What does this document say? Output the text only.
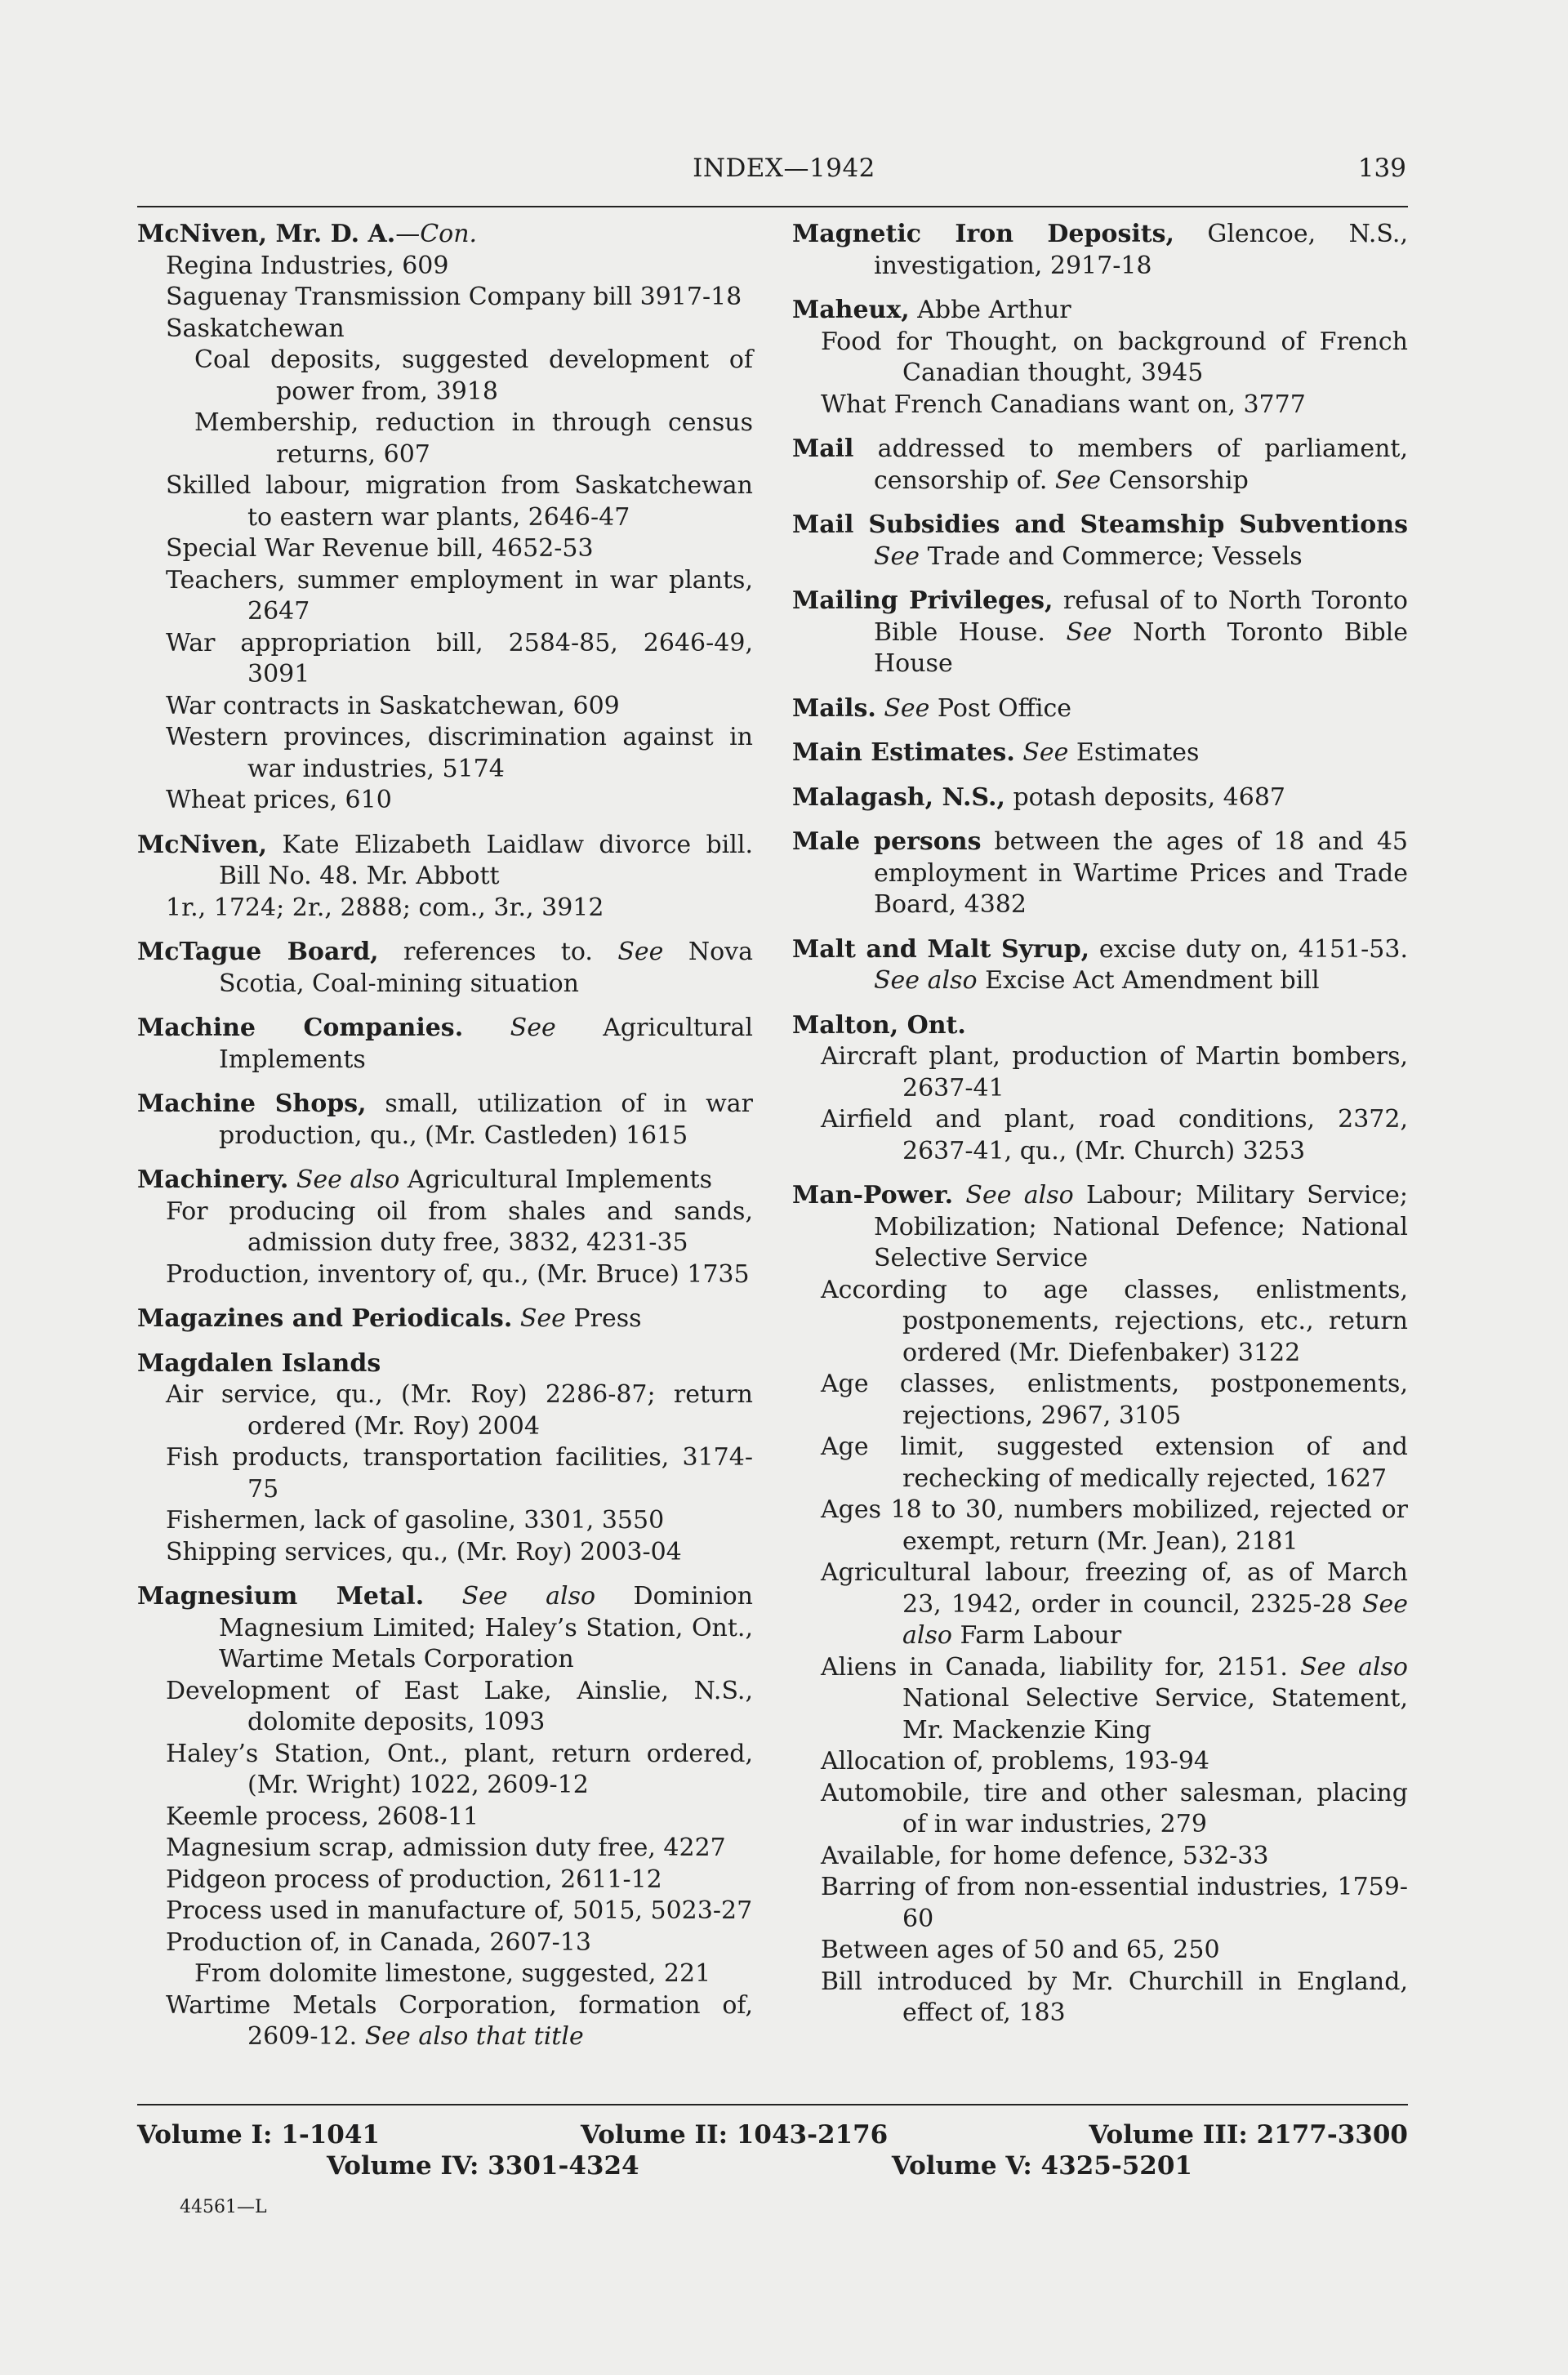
INDEX—1942	139
McNiven, Mr. D. A.—Con.
Regina Industries, 609
Saguenay Transmission Company bill 3917-18
Saskatchewan
Coal deposits, suggested development of power from, 3918
Membership, reduction in through census returns, 607
Skilled labour, migration from Saskatchewan to eastern war plants, 2646-47
Special War Revenue bill, 4652-53
Teachers, summer employment in war plants, 2647
War appropriation bill, 2584-85, 2646-49, 3091
War contracts in Saskatchewan, 609
Western provinces, discrimination against in war industries, 5174
Wheat prices, 610
McNiven, Kate Elizabeth Laidlaw divorce bill. Bill No. 48. Mr. Abbott
1r., 1724; 2r., 2888; com., 3r., 3912
McTague Board, references to. See Nova Scotia, Coal-mining situation
Machine Companies. See Agricultural Implements
Machine Shops, small, utilization of in war production, qu., (Mr. Castleden) 1615
Machinery. See also Agricultural Implements
For producing oil from shales and sands, admission duty free, 3832, 4231-35
Production, inventory of, qu., (Mr. Bruce) 1735
Magazines and Periodicals. See Press
Magdalen Islands
Air service, qu., (Mr. Roy) 2286-87; return ordered (Mr. Roy) 2004
Fish products, transportation facilities, 3174-75
Fishermen, lack of gasoline, 3301, 3550
Shipping services, qu., (Mr. Roy) 2003-04
Magnesium Metal. See also Dominion Magnesium Limited; Haley’s Station, Ont., Wartime Metals Corporation
Development of East Lake, Ainslie, N.S., dolomite deposits, 1093
Haley’s Station, Ont., plant, return ordered, (Mr. Wright) 1022, 2609-12
Keemle process, 2608-11
Magnesium scrap, admission duty free, 4227
Pidgeon process of production, 2611-12
Process used in manufacture of, 5015, 5023-27
Production of, in Canada, 2607-13
From dolomite limestone, suggested, 221
Wartime Metals Corporation, formation of, 2609-12. See also that title
Magnetic Iron Deposits, Glencoe, N.S., investigation, 2917-18
Maheux, Abbe Arthur
Food for Thought, on background of French Canadian thought, 3945
What French Canadians want on, 3777
Mail addressed to members of parliament, censorship of. See Censorship
Mail Subsidies and Steamship Subventions See Trade and Commerce; Vessels
Mailing Privileges, refusal of to North Toronto Bible House. See North Toronto Bible House
Mails. See Post Office
Main Estimates. See Estimates
Malagash, N.S., potash deposits, 4687
Male persons between the ages of 18 and 45 employment in Wartime Prices and Trade Board, 4382
Malt and Malt Syrup, excise duty on, 4151-53. See also Excise Act Amendment bill
Malton, Ont.
Aircraft plant, production of Martin bombers, 2637-41
Airfield and plant, road conditions, 2372, 2637-41, qu., (Mr. Church) 3253
Man-Power. See also Labour; Military Service; Mobilization; National Defence; National Selective Service
According to age classes, enlistments, postponements, rejections, etc., return ordered (Mr. Diefenbaker) 3122
Age classes, enlistments, postponements, rejections, 2967, 3105
Age limit, suggested extension of and rechecking of medically rejected, 1627
Ages 18 to 30, numbers mobilized, rejected or exempt, return (Mr. Jean), 2181
Agricultural labour, freezing of, as of March 23, 1942, order in council, 2325-28 See also Farm Labour
Aliens in Canada, liability for, 2151. See also National Selective Service, Statement, Mr. Mackenzie King
Allocation of, problems, 193-94
Automobile, tire and other salesman, placing of in war industries, 279
Available, for home defence, 532-33
Barring of from non-essential industries, 1759-60
Between ages of 50 and 65, 250
Bill introduced by Mr. Churchill in England, effect of, 183
Volume I: 1-1041	Volume II: 1043-2176	Volume III: 2177-3300
Volume IV: 3301-4324	Volume V: 4325-5201
44561—L
